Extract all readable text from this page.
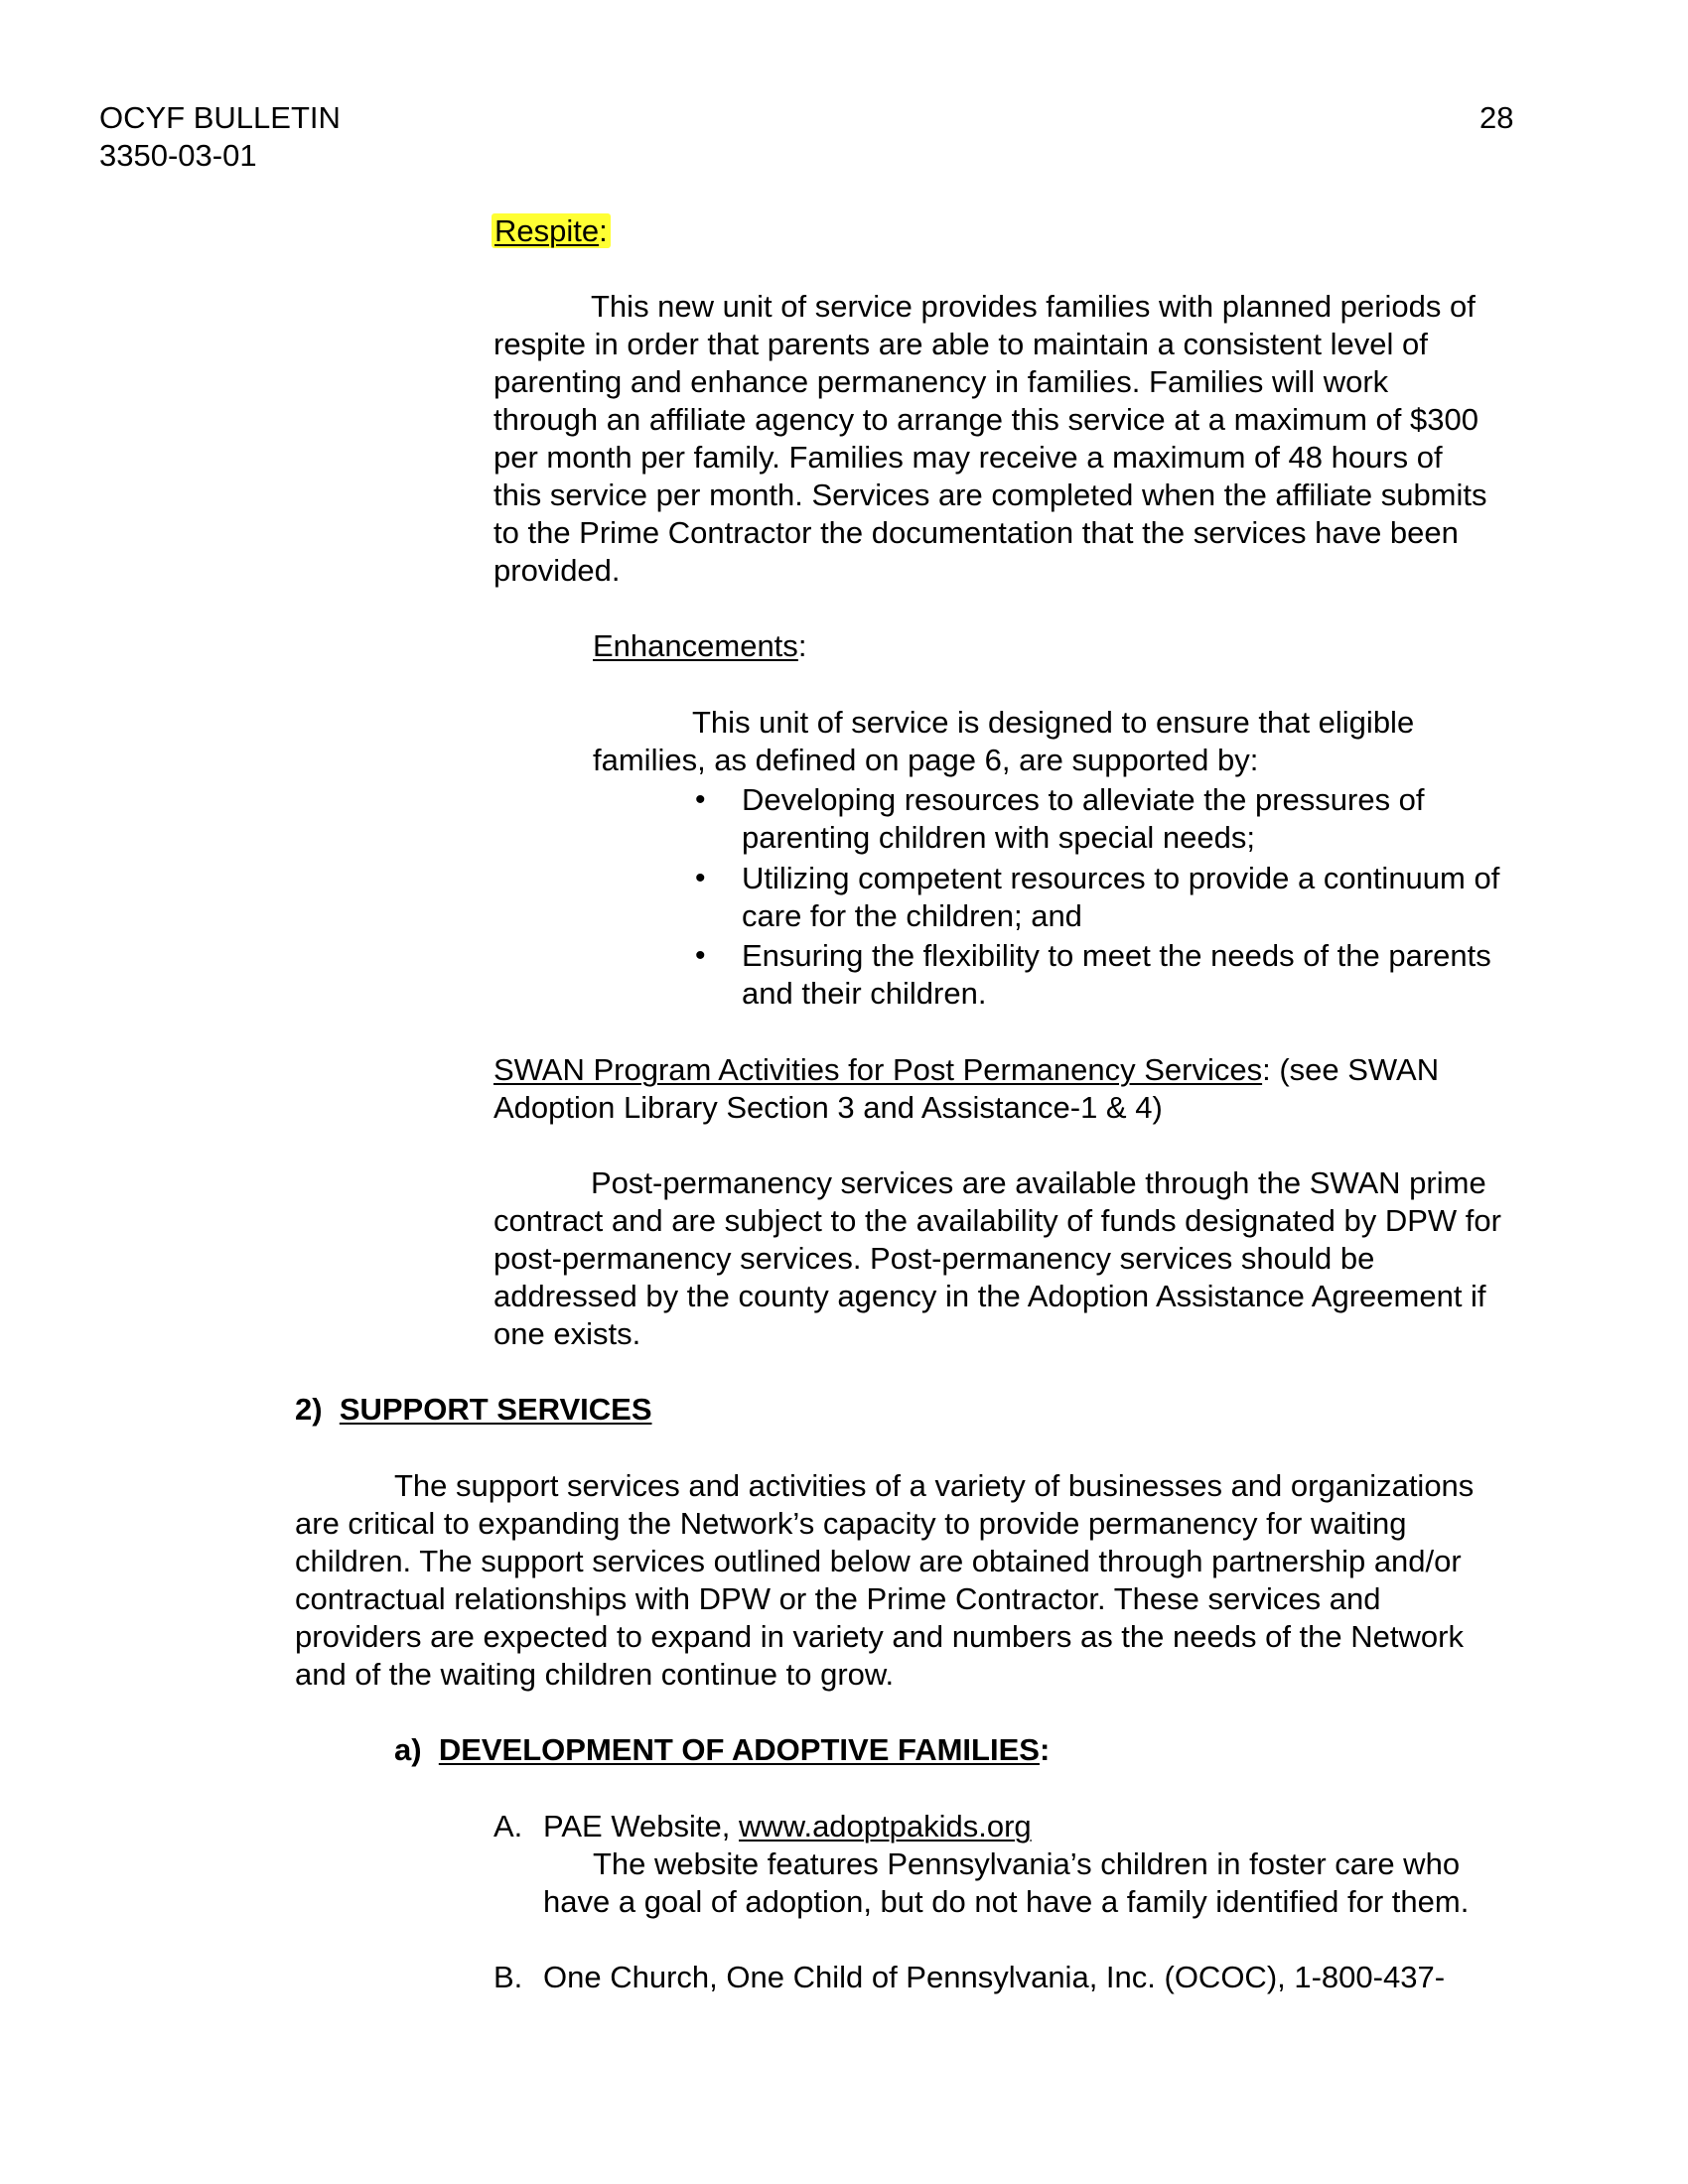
OCYF BULLETIN
3350-03-01
28
Respite:
This new unit of service provides families with planned periods of
respite in order that parents are able to maintain a consistent level of
parenting and enhance permanency in families. Families will work
through an affiliate agency to arrange this service at a maximum of $300
per month per family. Families may receive a maximum of 48 hours of
this service per month. Services are completed when the affiliate submits
to the Prime Contractor the documentation that the services have been
provided.
Enhancements:
This unit of service is designed to ensure that eligible
families, as defined on page 6, are supported by:
• Developing resources to alleviate the pressures of
parenting children with special needs;
• Utilizing competent resources to provide a continuum of
care for the children; and
• Ensuring the flexibility to meet the needs of the parents
and their children.
SWAN Program Activities for Post Permanency Services: (see SWAN
Adoption Library Section 3 and Assistance-1 & 4)
Post-permanency services are available through the SWAN prime
contract and are subject to the availability of funds designated by DPW for
post-permanency services. Post-permanency services should be
addressed by the county agency in the Adoption Assistance Agreement if
one exists.
2) SUPPORT SERVICES
The support services and activities of a variety of businesses and organizations
are critical to expanding the Network’s capacity to provide permanency for waiting
children. The support services outlined below are obtained through partnership and/or
contractual relationships with DPW or the Prime Contractor. These services and
providers are expected to expand in variety and numbers as the needs of the Network
and of the waiting children continue to grow.
a) DEVELOPMENT OF ADOPTIVE FAMILIES:
A. PAE Website, www.adoptpakids.org
The website features Pennsylvania’s children in foster care who
have a goal of adoption, but do not have a family identified for them.
B. One Church, One Child of Pennsylvania, Inc. (OCOC), 1-800-437-
